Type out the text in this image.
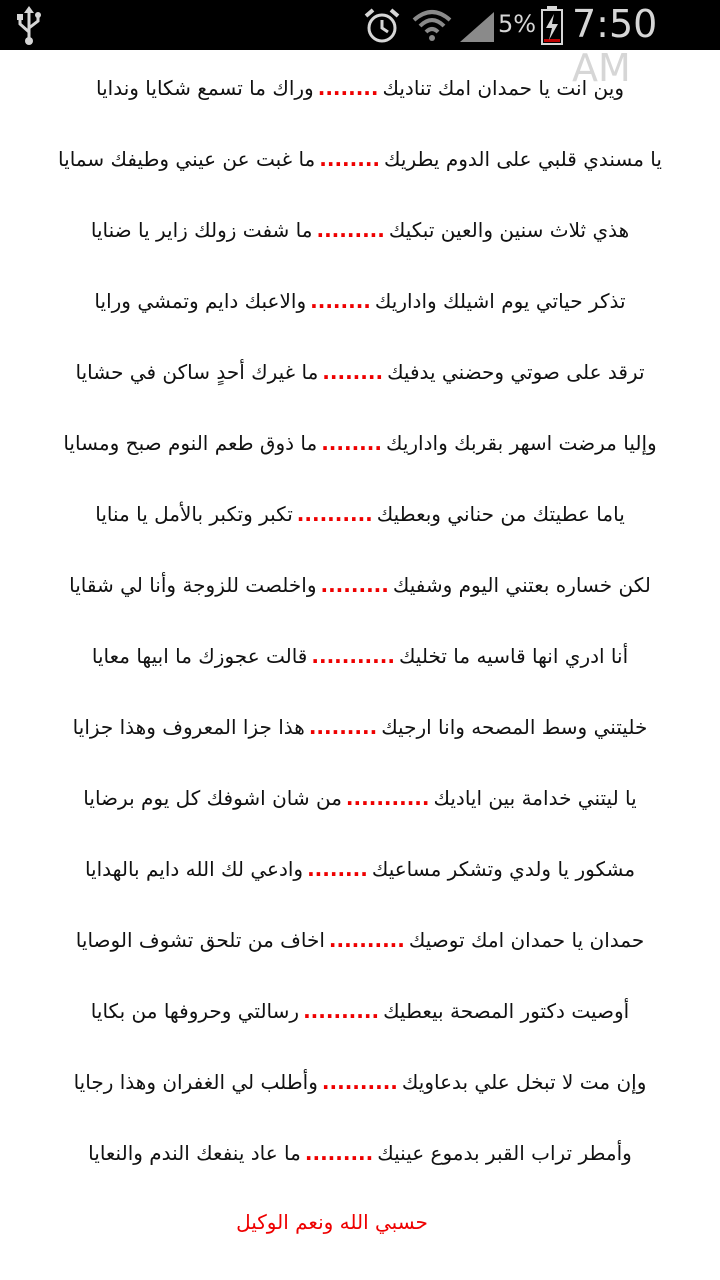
5% 7:50 AM
وين انت يا حمدان امك تناديك........وراك ما تسمع شكايا وندايا
يا مسندي قلبي على الدوم يطريك........ما غبت عن عيني وطيفك سمايا
هذي ثلاث سنين والعين تبكيك.........ما شفت زولك زاير يا ضنايا
تذكر حياتي يوم اشيلك واداريك........والاعبك دايم وتمشي ورايا
ترقد على صوتي وحضني يدفيك........ما غيرك أحدٍ ساكن في حشايا
وإليا مرضت اسهر بقربك واداريك........ما ذوق طعم النوم صبح ومسايا
ياما عطيتك من حناني وبعطيك..........تكبر وتكبر بالأمل يا منايا
لكن خساره بعتني اليوم وشفيك.........واخلصت للزوجة وأنا لي شقايا
أنا ادري انها قاسيه ما تخليك...........قالت عجوزك ما ابيها معايا
خليتني وسط المصحه وانا ارجيك.........هذا جزا المعروف وهذا جزايا
يا ليتني خدامة بين اياديك...........من شان اشوفك كل يوم برضايا
مشكور يا ولدي وتشكر مساعيك........وادعي لك الله دايم بالهدايا
حمدان يا حمدان امك توصيك..........اخاف من تلحق تشوف الوصايا
أوصيت دكتور المصحة بيعطيك..........رسالتي وحروفها من بكايا
وإن مت لا تبخل علي بدعاويك..........وأطلب لي الغفران وهذا رجايا
وأمطر تراب القبر بدموع عينيك.........ما عاد ينفعك الندم والنعايا
حسبي الله ونعم الوكيل
